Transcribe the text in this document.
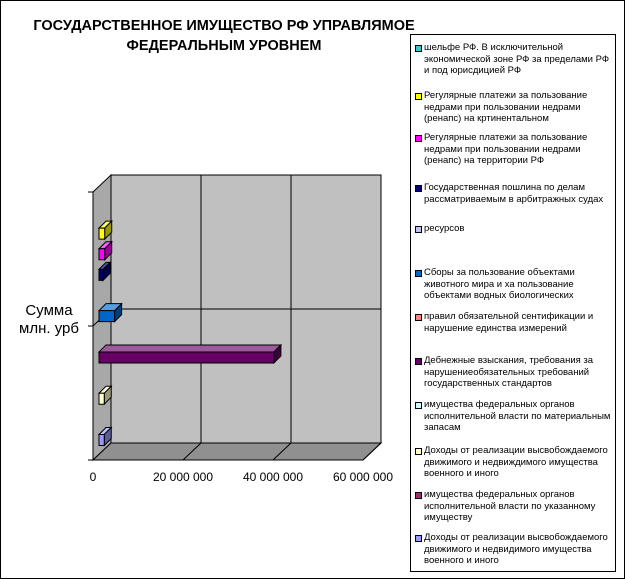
ГОСУДАРСТВЕННОЕ ИМУЩЕСТВО РФ УПРАВЛЯМОЕ
ФЕДЕРАЛЬНЫМ УРОВНЕМ
Сумма
млн. урб
0	20 000 000 40 000 000 60 000 000
шельфе РФ. В исключительной экономической зоне РФ за пределами РФ и под юрисдицией РФ
Регулярные платежи за пользование недрами при пользовании недрами (ренапс) на кртинентальном
Регулярные платежи за пользование недрами при пользовании недрами (ренапс) на территории РФ
Государственная пошлина по делам рассматриваемым в арбитражных судах
ресурсов
Сборы за пользование объектами животного мира и ха пользование объектами водных биологических
правил обязательной сентификации и нарушение единства измерений
Дебнежные взыскания, требования за нарушениеобязательных требований государственных стандартов
имущества федеральных органов исполнительной власти по материальным запасам
Доходы от реализации высвобождаемого движимого и недвиждимого имущества военного и иного
имущества федеральных органов исполнительной власти по указанному имуществу
Доходы от реализации высвобождаемого движимого и недвидимого имущества военного и иного
